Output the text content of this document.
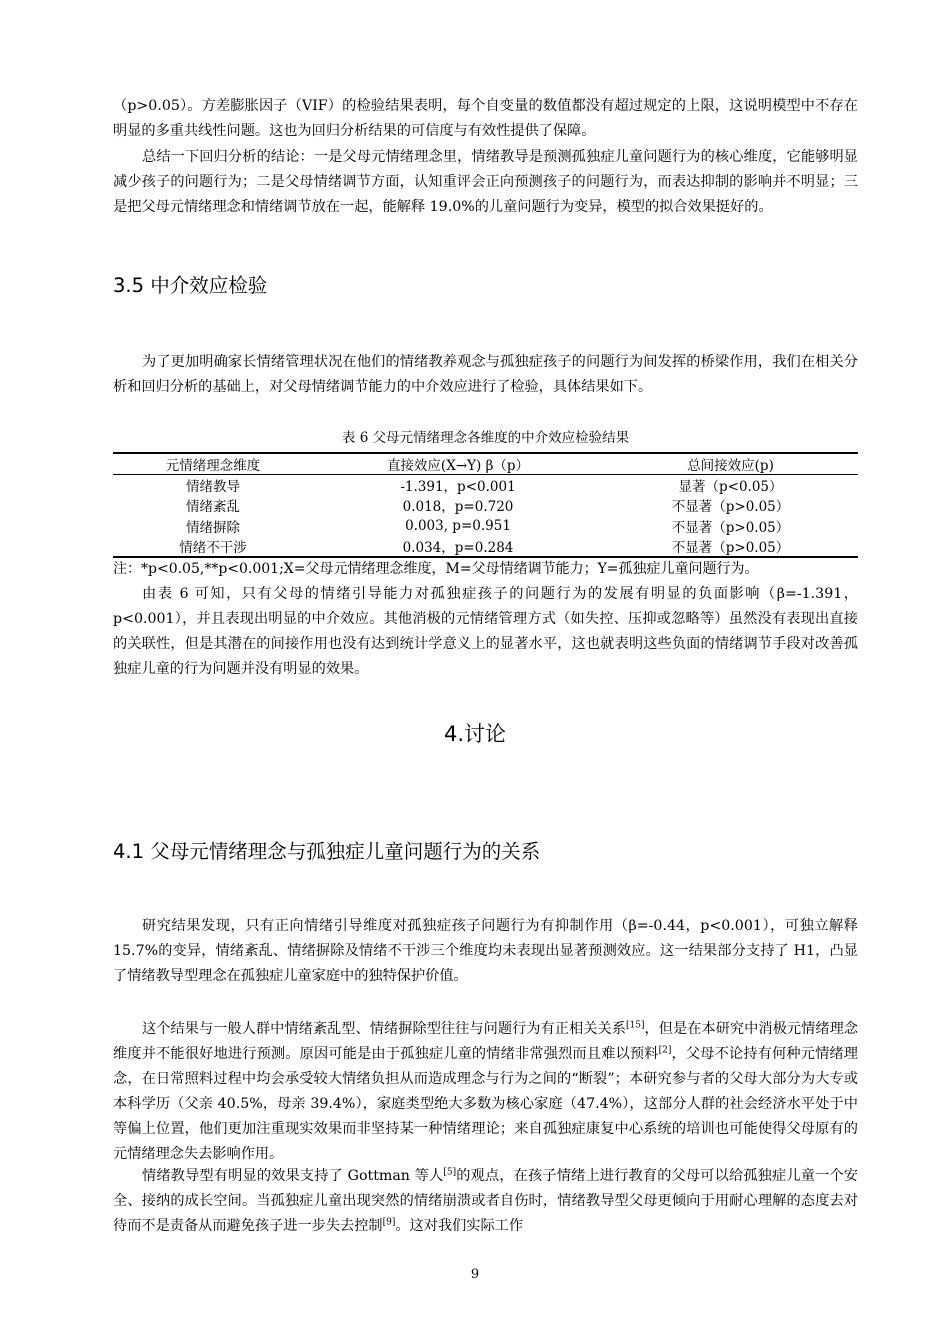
（p>0.05）。方差膨胀因子（VIF）的检验结果表明，每个自变量的数值都没有超过规定的上限，这说明模型中不存在明显的多重共线性问题。这也为回归分析结果的可信度与有效性提供了保障。

总结一下回归分析的结论：一是父母元情绪理念里，情绪教导是预测孤独症儿童问题行为的核心维度，它能够明显减少孩子的问题行为；二是父母情绪调节方面，认知重评会正向预测孩子的问题行为，而表达抑制的影响并不明显；三是把父母元情绪理念和情绪调节放在一起，能解释 19.0%的儿童问题行为变异，模型的拟合效果挺好的。

3.5 中介效应检验

为了更加明确家长情绪管理状况在他们的情绪教养观念与孤独症孩子的问题行为间发挥的桥梁作用，我们在相关分析和回归分析的基础上，对父母情绪调节能力的中介效应进行了检验，具体结果如下。

表 6 父母元情绪理念各维度的中介效应检验结果

元情绪理念维度	直接效应(X→Y) β（p）	总间接效应(p)
情绪教导	-1.391，p<0.001	显著（p<0.05）
情绪紊乱	0.018，p=0.720	不显著（p>0.05）
情绪摒除	0.003, p=0.951	不显著（p>0.05）
情绪不干涉	0.034，p=0.284	不显著（p>0.05）

注：*p<0.05,**p<0.001;X=父母元情绪理念维度，M=父母情绪调节能力；Y=孤独症儿童问题行为。

由表 6 可知，只有父母的情绪引导能力对孤独症孩子的问题行为的发展有明显的负面影响（β=-1.391，p<0.001），并且表现出明显的中介效应。其他消极的元情绪管理方式（如失控、压抑或忽略等）虽然没有表现出直接的关联性，但是其潜在的间接作用也没有达到统计学意义上的显著水平，这也就表明这些负面的情绪调节手段对改善孤独症儿童的行为问题并没有明显的效果。

4.讨论
4.1 父母元情绪理念与孤独症儿童问题行为的关系

研究结果发现，只有正向情绪引导维度对孤独症孩子问题行为有抑制作用（β=-0.44，p<0.001），可独立解释 15.7%的变异，情绪紊乱、情绪摒除及情绪不干涉三个维度均未表现出显著预测效应。这一结果部分支持了 H1，凸显了情绪教导型理念在孤独症儿童家庭中的独特保护价值。

这个结果与一般人群中情绪紊乱型、情绪摒除型往往与问题行为有正相关关系[15]，但是在本研究中消极元情绪理念维度并不能很好地进行预测。原因可能是由于孤独症儿童的情绪非常强烈而且难以预料[2]，父母不论持有何种元情绪理念，在日常照料过程中均会承受较大情绪负担从而造成理念与行为之间的“断裂”；本研究参与者的父母大部分为大专或本科学历（父亲 40.5%，母亲 39.4%），家庭类型绝大多数为核心家庭（47.4%），这部分人群的社会经济水平处于中等偏上位置，他们更加注重现实效果而非坚持某一种情绪理论；来自孤独症康复中心系统的培训也可能使得父母原有的元情绪理念失去影响作用。

情绪教导型有明显的效果支持了 Gottman 等人[5]的观点，在孩子情绪上进行教育的父母可以给孤独症儿童一个安全、接纳的成长空间。当孤独症儿童出现突然的情绪崩溃或者自伤时，情绪教导型父母更倾向于用耐心理解的态度去对待而不是责备从而避免孩子进一步失去控制[9]。这对我们实际工作

9
